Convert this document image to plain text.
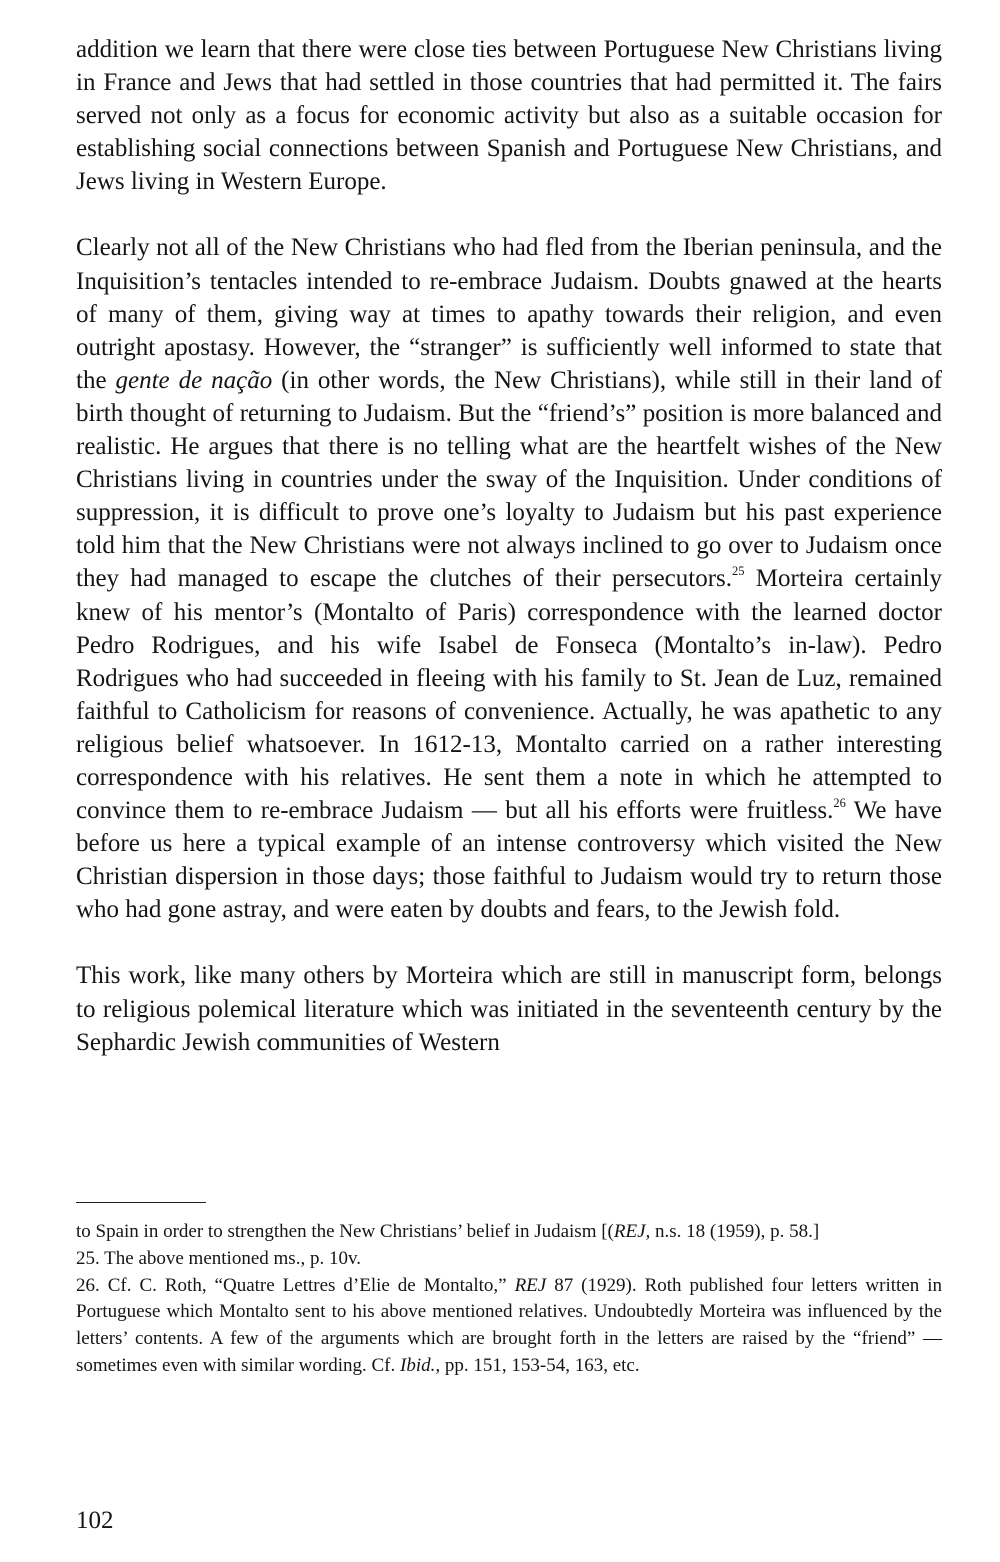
addition we learn that there were close ties between Portuguese New Christians living in France and Jews that had settled in those countries that had permitted it. The fairs served not only as a focus for economic activity but also as a suitable occasion for establishing social connections between Spanish and Portuguese New Christians, and Jews living in Western Europe.

Clearly not all of the New Christians who had fled from the Iberian peninsula, and the Inquisition’s tentacles intended to re-embrace Judaism. Doubts gnawed at the hearts of many of them, giving way at times to apathy towards their religion, and even outright apostasy. However, the “stranger” is sufficiently well informed to state that the gente de nação (in other words, the New Christians), while still in their land of birth thought of returning to Judaism. But the “friend’s” position is more balanced and realistic. He argues that there is no telling what are the heartfelt wishes of the New Christians living in countries under the sway of the Inquisition. Under conditions of suppression, it is difficult to prove one’s loyalty to Judaism but his past experience told him that the New Christians were not always inclined to go over to Judaism once they had managed to escape the clutches of their persecutors.$^{25}$ Morteira certainly knew of his mentor’s (Montalto of Paris) correspondence with the learned doctor Pedro Rodrigues, and his wife Isabel de Fonseca (Montalto’s in-law). Pedro Rodrigues who had succeeded in fleeing with his family to St. Jean de Luz, remained faithful to Catholicism for reasons of convenience. Actually, he was apathetic to any religious belief whatsoever. In 1612-13, Montalto carried on a rather interesting correspondence with his relatives. He sent them a note in which he attempted to convince them to re-embrace Judaism — but all his efforts were fruitless.$^{26}$ We have before us here a typical example of an intense controversy which visited the New Christian dispersion in those days; those faithful to Judaism would try to return those who had gone astray, and were eaten by doubts and fears, to the Jewish fold.

This work, like many others by Morteira which are still in manuscript form, belongs to religious polemical literature which was initiated in the seventeenth century by the Sephardic Jewish communities of Western

to Spain in order to strengthen the New Christians’ belief in Judaism [(REJ, n.s. 18 (1959), p. 58.]

25. The above mentioned ms., p. 10v.

26. Cf. C. Roth, “Quatre Lettres d’Elie de Montalto,” REJ 87 (1929). Roth published four letters written in Portuguese which Montalto sent to his above mentioned relatives. Undoubtedly Morteira was influenced by the letters’ contents. A few of the arguments which are brought forth in the letters are raised by the “friend” — sometimes even with similar wording. Cf. Ibid., pp. 151, 153-54, 163, etc.

102
